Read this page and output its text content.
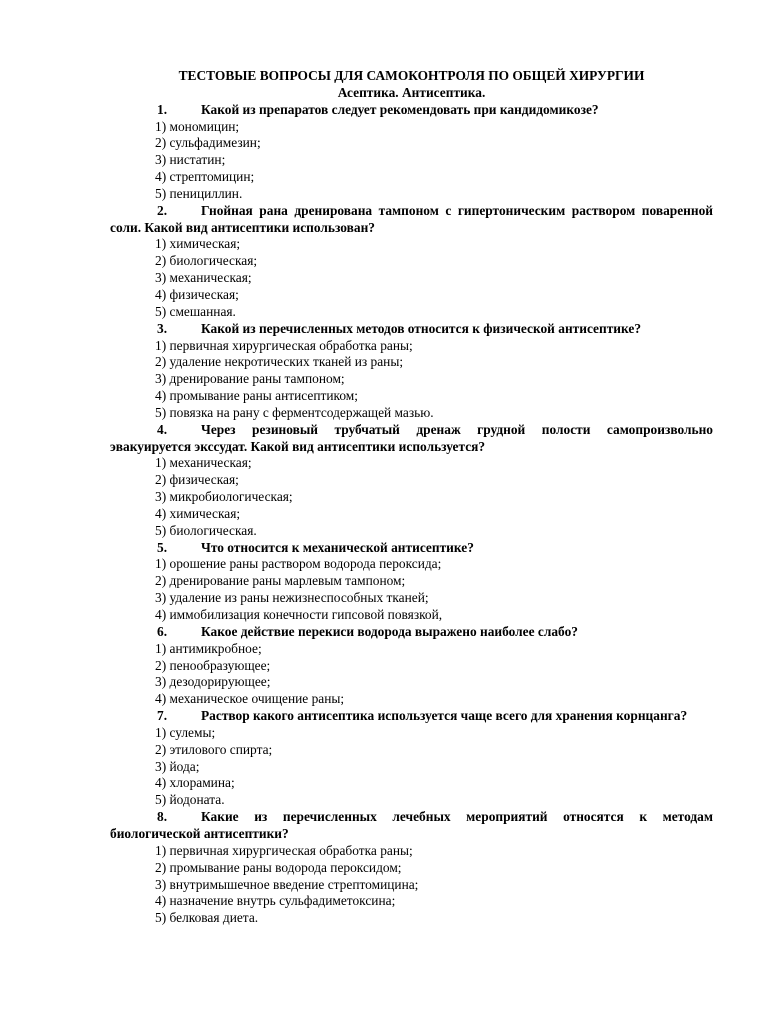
ТЕСТОВЫЕ ВОПРОСЫ ДЛЯ САМОКОНТРОЛЯ ПО ОБЩЕЙ ХИРУРГИИ
Асептика. Антисептика.
1.	Какой из препаратов следует рекомендовать при кандидомикозе?
1) мономицин;
2) сульфадимезин;
3) нистатин;
4) стрептомицин;
5) пенициллин.
2.	Гнойная рана дренирована тампоном с гипертоническим раствором поваренной соли. Какой вид антисептики использован?
1) химическая;
2) биологическая;
3) механическая;
4) физическая;
5) смешанная.
3.	Какой из перечисленных методов относится к физической антисептике?
1) первичная хирургическая обработка раны;
2) удаление некротических тканей из раны;
3) дренирование раны тампоном;
4) промывание раны антисептиком;
5) повязка на рану с ферментсодержащей мазью.
4.	Через резиновый трубчатый дренаж грудной полости самопроизвольно эвакуируется экссудат. Какой вид антисептики используется?
1) механическая;
2) физическая;
3) микробиологическая;
4) химическая;
5) биологическая.
5.	Что относится к механической антисептике?
1) орошение раны раствором водорода пероксида;
2) дренирование раны марлевым тампоном;
3) удаление из раны нежизнеспособных тканей;
4) иммобилизация конечности гипсовой повязкой,
6.	Какое действие перекиси водорода выражено наиболее слабо?
1) антимикробное;
2) пенообразующее;
3) дезодорирующее;
4) механическое очищение раны;
7.	Раствор какого антисептика используется чаще всего для хранения корнцанга?
1) сулемы;
2) этилового спирта;
3) йода;
4) хлорамина;
5) йодоната.
8.	Какие из перечисленных лечебных мероприятий относятся к методам биологической антисептики?
1) первичная хирургическая обработка раны;
2) промывание раны водорода пероксидом;
3) внутримышечное введение стрептомицина;
4) назначение внутрь сульфадиметоксина;
5) белковая диета.
